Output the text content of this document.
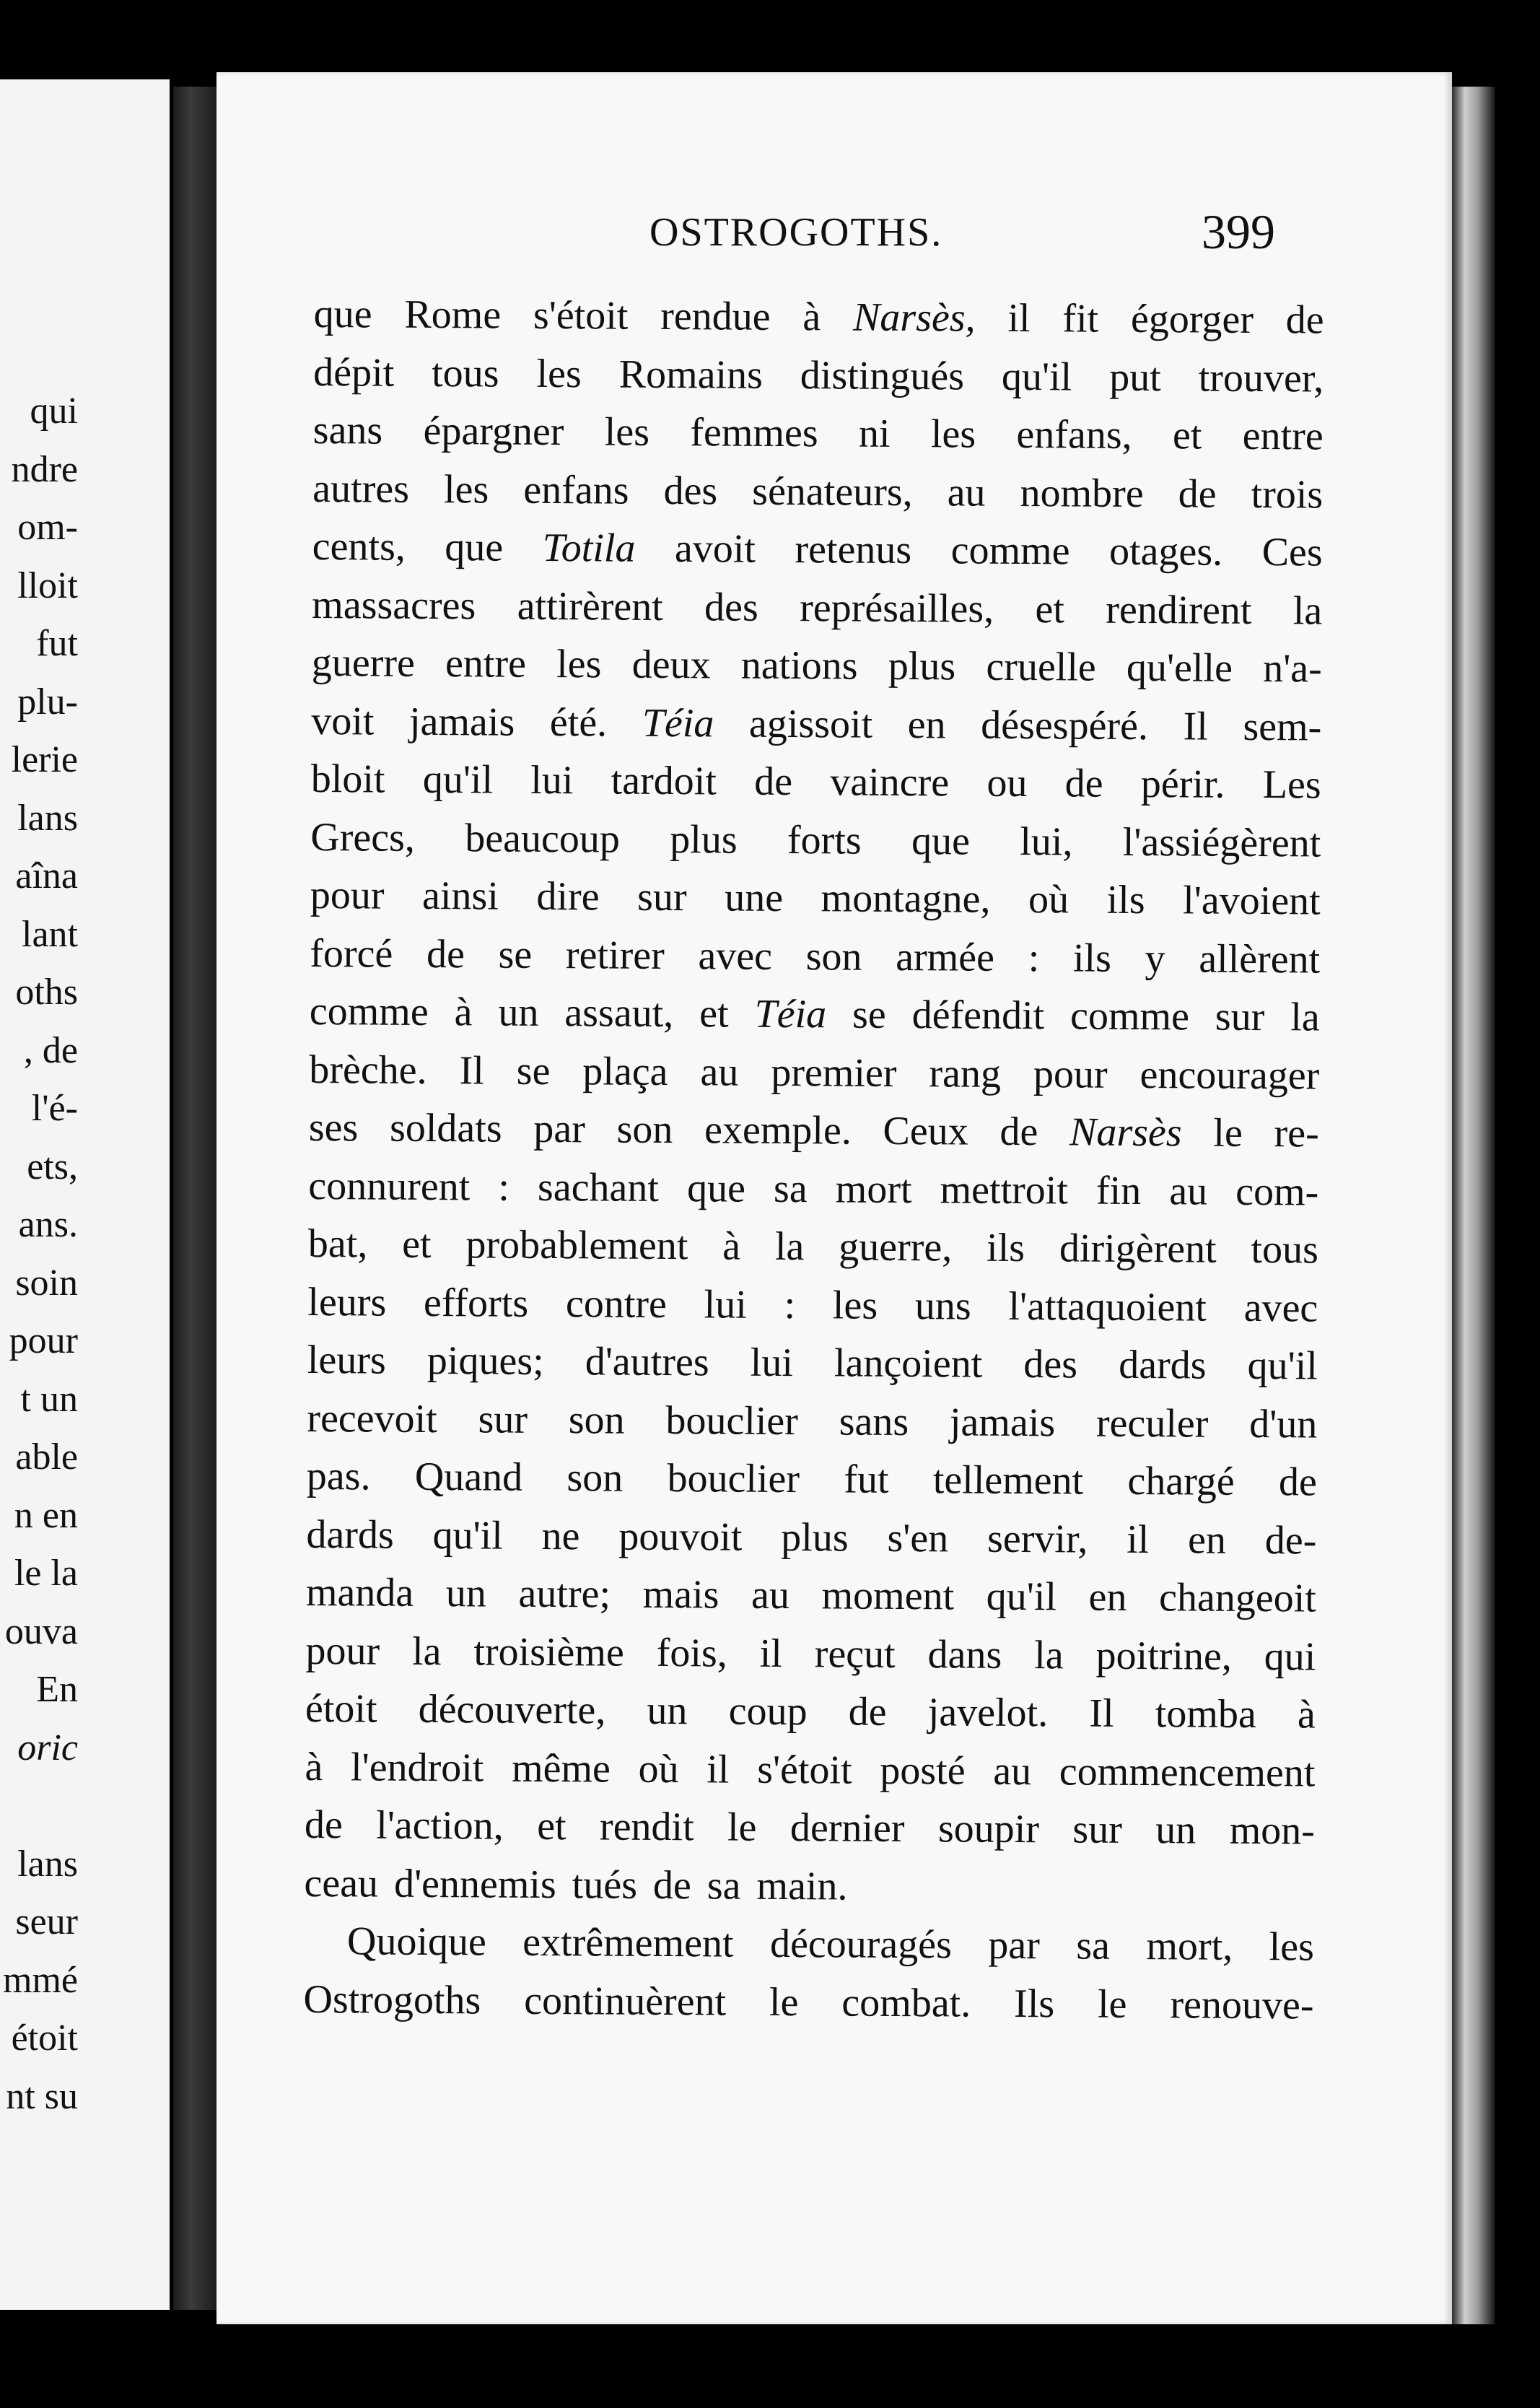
qui
ndre
om-
lloit
fut
plu-
lerie
lans
aîna
lant
oths
, de
l'é-
ets,
ans.
soin
pour
t un
able
n en
le la
ouva
En
oric

lans
seur
mmé
étoit
nt su
OSTROGOTHS.	399
que Rome s'étoit rendue à Narsès, il fit égorger de
dépit tous les Romains distingués qu'il put trouver,
sans épargner les femmes ni les enfans, et entre
autres les enfans des sénateurs, au nombre de trois
cents, que Totila avoit retenus comme otages. Ces
massacres attirèrent des représailles, et rendirent la
guerre entre les deux nations plus cruelle qu'elle n'a-
voit jamais été. Téia agissoit en désespéré. Il sem-
bloit qu'il lui tardoit de vaincre ou de périr. Les
Grecs, beaucoup plus forts que lui, l'assiégèrent
pour ainsi dire sur une montagne, où ils l'avoient
forcé de se retirer avec son armée : ils y allèrent
comme à un assaut, et Téia se défendit comme sur la
brèche. Il se plaça au premier rang pour encourager
ses soldats par son exemple. Ceux de Narsès le re-
connurent : sachant que sa mort mettroit fin au com-
bat, et probablement à la guerre, ils dirigèrent tous
leurs efforts contre lui : les uns l'attaquoient avec
leurs piques; d'autres lui lançoient des dards qu'il
recevoit sur son bouclier sans jamais reculer d'un
pas. Quand son bouclier fut tellement chargé de
dards qu'il ne pouvoit plus s'en servir, il en de-
manda un autre; mais au moment qu'il en changeoit
pour la troisième fois, il reçut dans la poitrine, qui
étoit découverte, un coup de javelot. Il tomba à
à l'endroit même où il s'étoit posté au commencement
de l'action, et rendit le dernier soupir sur un mon-
ceau d'ennemis tués de sa main.
Quoique extrêmement découragés par sa mort, les
Ostrogoths continuèrent le combat. Ils le renouve-
